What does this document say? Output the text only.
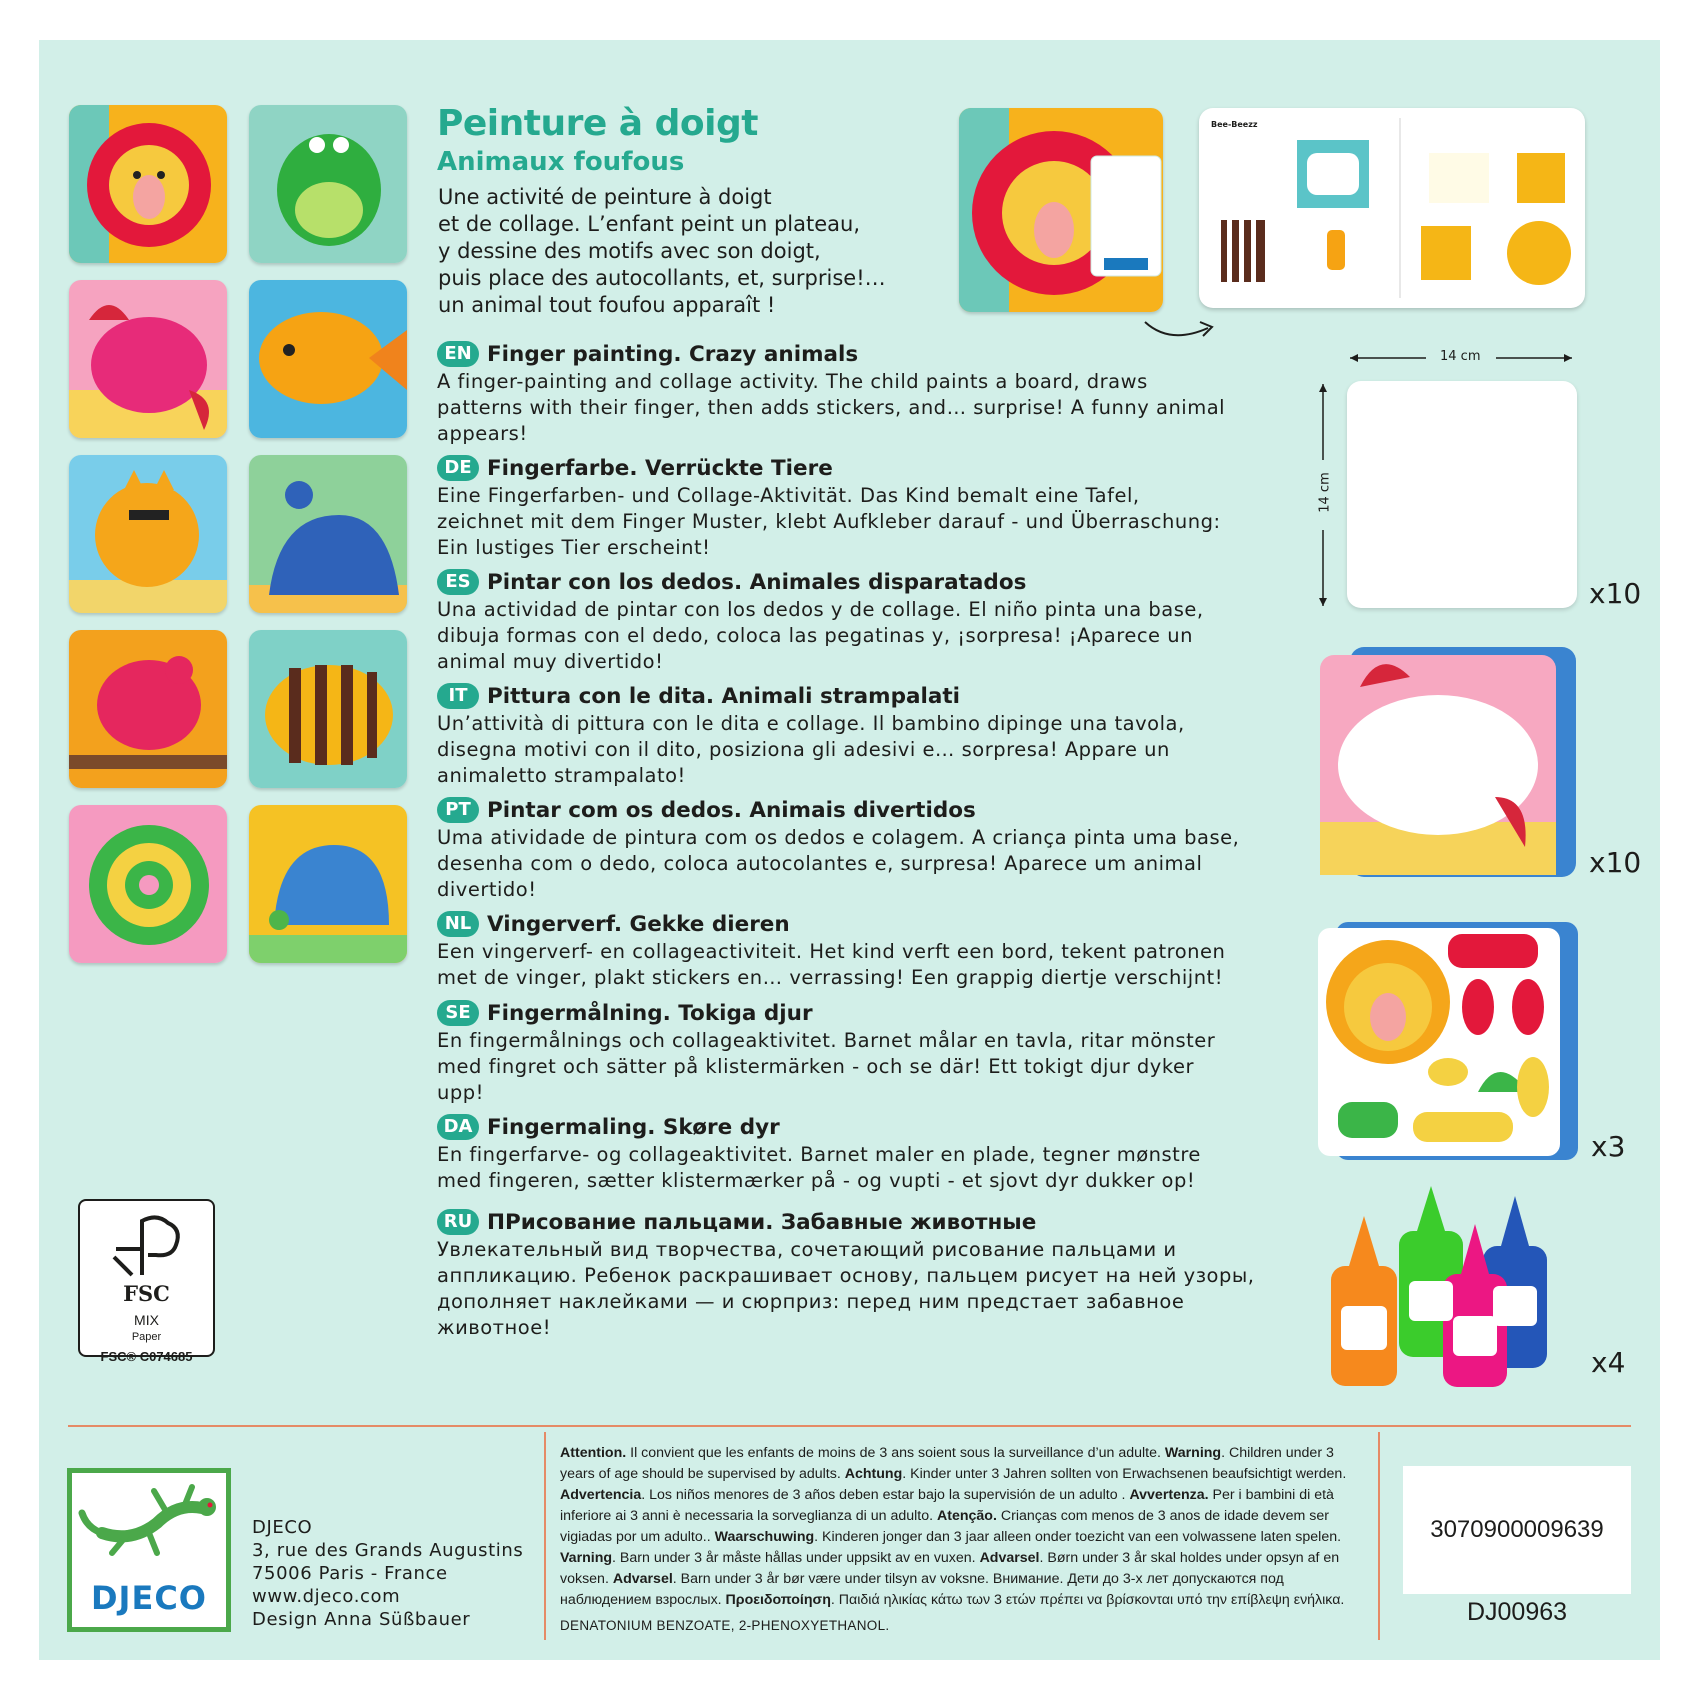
Peinture à doigt
Animaux foufous
Une activité de peinture à doigt
et de collage. L’enfant peint un plateau,
y dessine des motifs avec son doigt,
puis place des autocollants, et, surprise!…
un animal tout foufou apparaît !
EN Finger painting. Crazy animals
A finger-painting and collage activity. The child paints a board, draws
patterns with their finger, then adds stickers, and… surprise! A funny animal
appears!
DE Fingerfarbe. Verrückte Tiere
Eine Fingerfarben- und Collage-Aktivität. Das Kind bemalt eine Tafel,
zeichnet mit dem Finger Muster, klebt Aufkleber darauf - und Überraschung:
Ein lustiges Tier erscheint!
ES Pintar con los dedos. Animales disparatados
Una actividad de pintar con los dedos y de collage. El niño pinta una base,
dibuja formas con el dedo, coloca las pegatinas y, ¡sorpresa! ¡Aparece un
animal muy divertido!
IT Pittura con le dita. Animali strampalati
Un’attività di pittura con le dita e collage. Il bambino dipinge una tavola,
disegna motivi con il dito, posiziona gli adesivi e… sorpresa! Appare un
animaletto strampalato!
PT Pintar com os dedos. Animais divertidos
Uma atividade de pintura com os dedos e colagem. A criança pinta uma base,
desenha com o dedo, coloca autocolantes e, surpresa! Aparece um animal
divertido!
NL Vingerverf. Gekke dieren
Een vingerverf- en collageactiviteit. Het kind verft een bord, tekent patronen
met de vinger, plakt stickers en… verrassing! Een grappig diertje verschijnt!
SE Fingermålning. Tokiga djur
En fingermålnings och collageaktivitet. Barnet målar en tavla, ritar mönster
med fingret och sätter på klistermärken - och se där! Ett tokigt djur dyker
upp!
DA Fingermaling. Skøre dyr
En fingerfarve- og collageaktivitet. Barnet maler en plade, tegner mønstre
med fingeren, sætter klistermærker på - og vupti - et sjovt dyr dukker op!
RU ПРисование пальцами. Забавные животные
Увлекательный вид творчества, сочетающий рисование пальцами и
аппликацию. Ребенок раскрашивает основу, пальцем рисует на ней узоры,
дополняет наклейками — и сюрприз: перед ним предстает забавное
животное!
Bee-Beezz
14 cm
14 cm
x10
x10
x3
x4
FSC
MIX
Paper
FSC® C074685
DJECO
DJECO
3, rue des Grands Augustins
75006 Paris - France
www.djeco.com
Design Anna Süßbauer
Attention. Il convient que les enfants de moins de 3 ans soient sous la surveillance d’un adulte. Warning. Children under 3 years of age should be supervised by adults. Achtung. Kinder unter 3 Jahren sollten von Erwachsenen beaufsichtigt werden. Advertencia. Los niños menores de 3 años deben estar bajo la supervisión de un adulto . Avvertenza. Per i bambini di età inferiore ai 3 anni è necessaria la sorveglianza di un adulto. Atenção. Crianças com menos de 3 anos de idade devem ser vigiadas por um adulto.. Waarschuwing. Kinderen jonger dan 3 jaar alleen onder toezicht van een volwassene laten spelen. Varning. Barn under 3 år måste hållas under uppsikt av en vuxen. Advarsel. Børn under 3 år skal holdes under opsyn af en voksen. Advarsel. Barn under 3 år bør være under tilsyn av voksne. Внимание. Дети до 3-х лет допускаются под наблюдением взрослых. Προειδοποίηση. Παιδιά ηλικίας κάτω των 3 ετών πρέπει να βρίσκονται υπό την επίβλεψη ενήλικα.
DENATONIUM BENZOATE, 2-PHENOXYETHANOL.
3070900009639
DJ00963
